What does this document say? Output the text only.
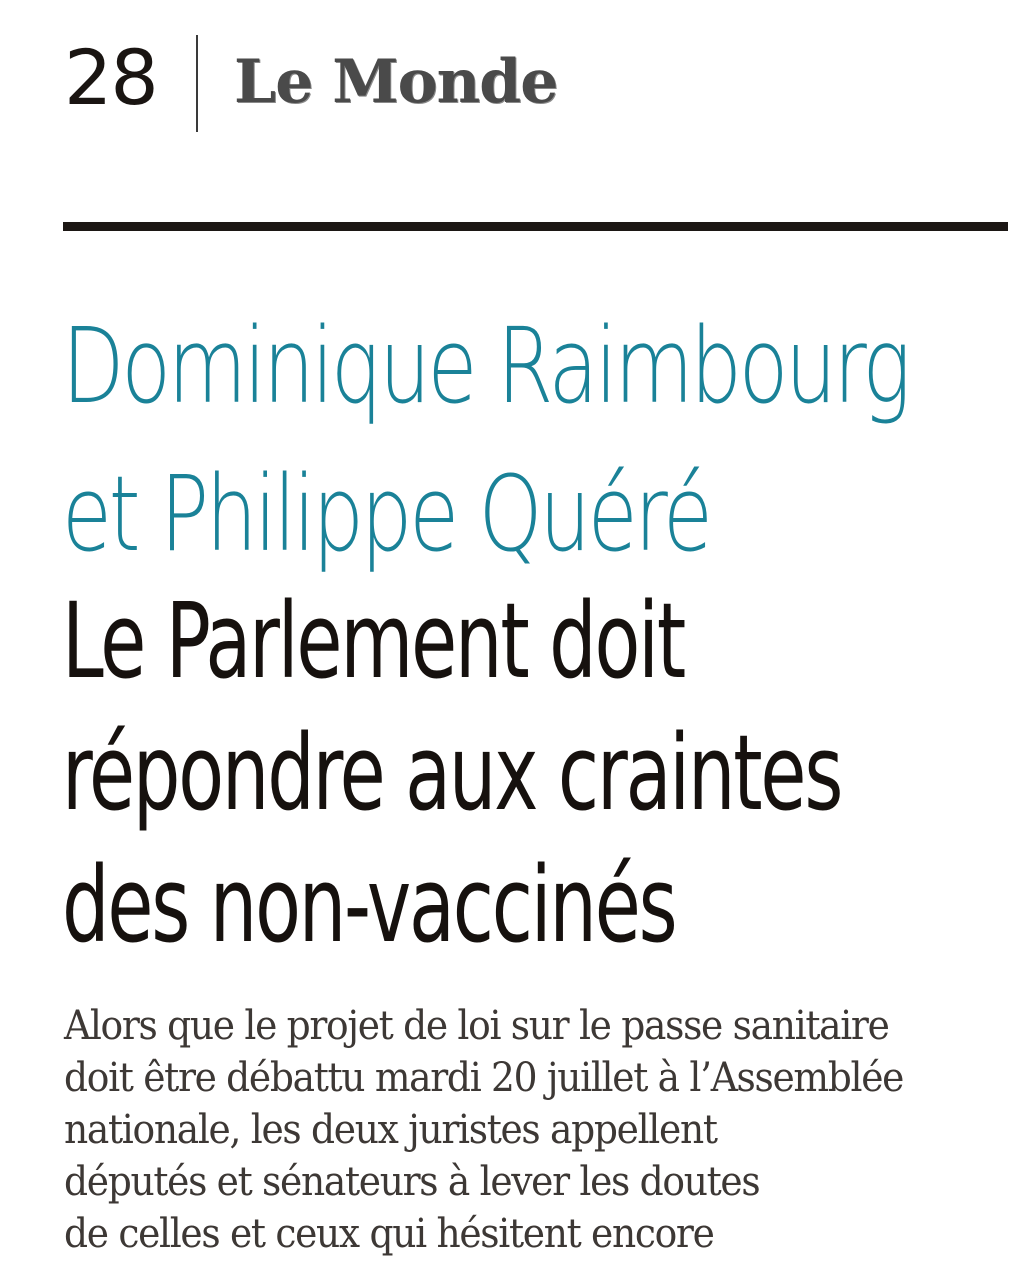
28 Le Monde
Dominique Raimbourg
et Philippe Quéré
Le Parlement doit
répondre aux craintes
des non-vaccinés
Alors que le projet de loi sur le passe sanitaire
doit être débattu mardi 20 juillet à l’Assemblée
nationale, les deux juristes appellent
députés et sénateurs à lever les doutes
de celles et ceux qui hésitent encore
